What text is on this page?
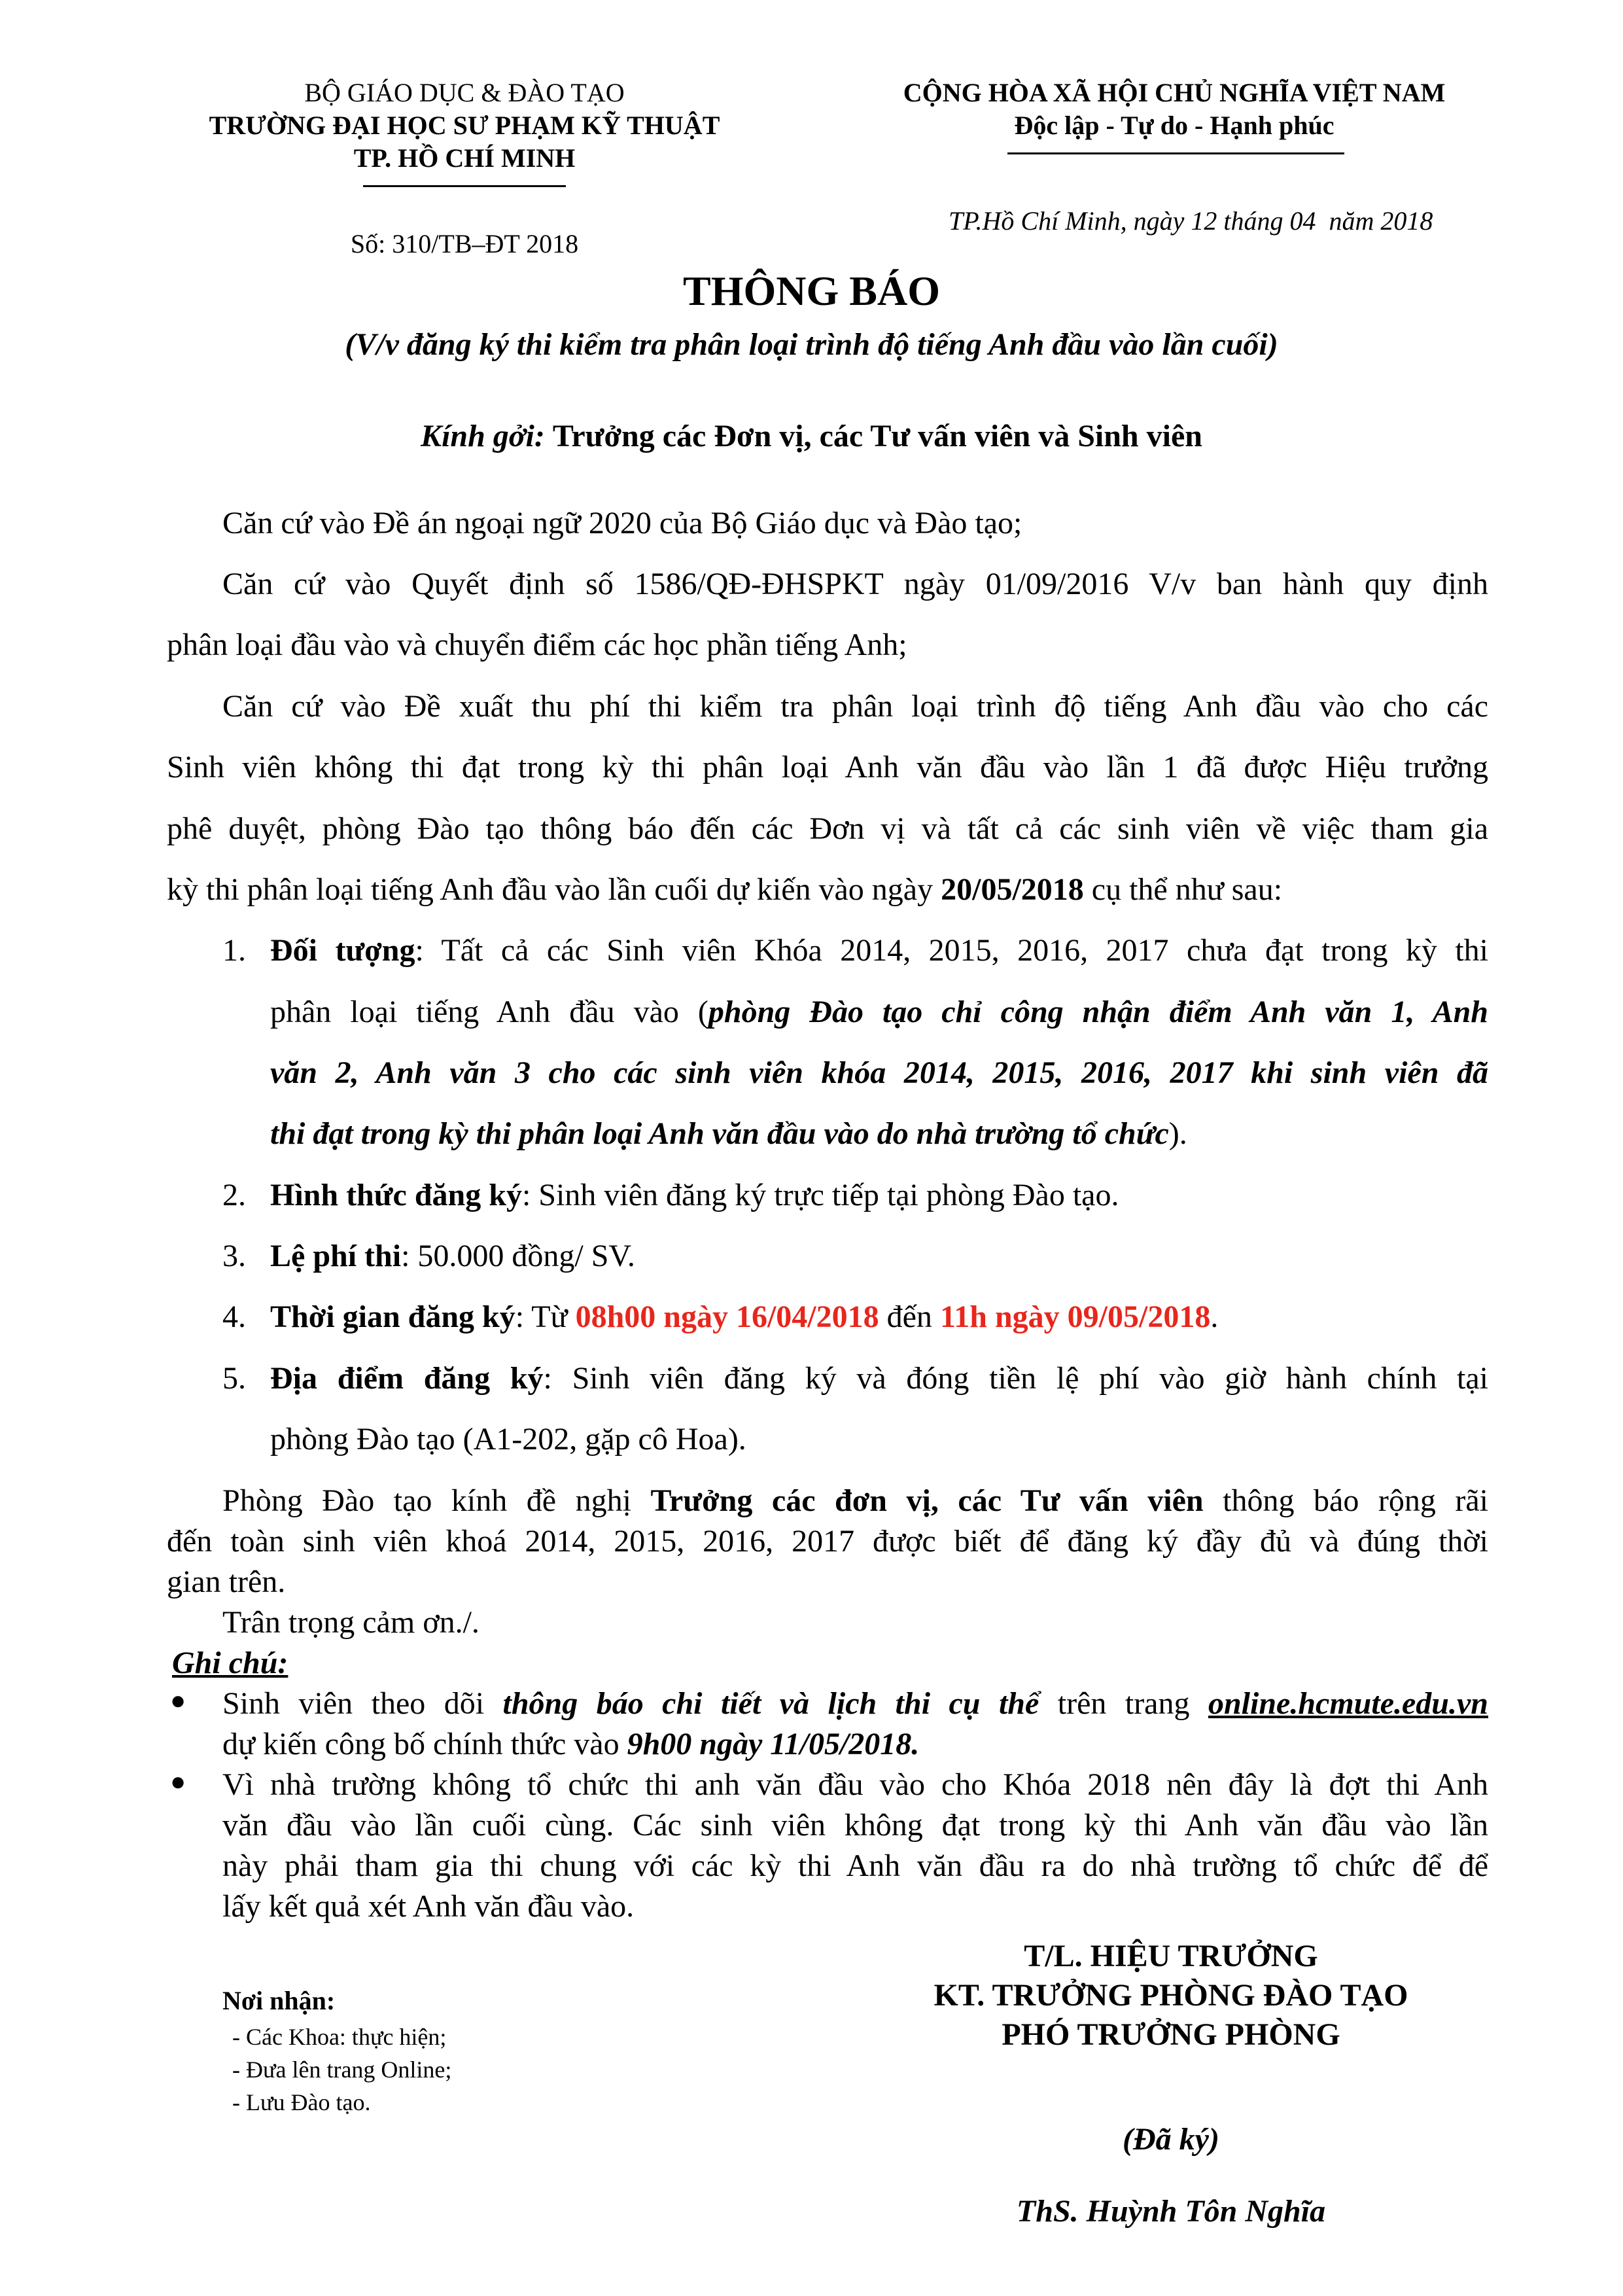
BỘ GIÁO DỤC & ĐÀO TẠO
TRƯỜNG ĐẠI HỌC SƯ PHẠM KỸ THUẬT
TP. HỒ CHÍ MINH
Số: 310/TB–ĐT 2018
CỘNG HÒA XÃ HỘI CHỦ NGHĨA VIỆT NAM
Độc lập - Tự do - Hạnh phúc
TP.Hồ Chí Minh, ngày 12 tháng 04  năm 2018
THÔNG BÁO
(V/v đăng ký thi kiểm tra phân loại trình độ tiếng Anh đầu vào lần cuối)
Kính gởi: Trưởng các Đơn vị, các Tư vấn viên và Sinh viên
Căn cứ vào Đề án ngoại ngữ 2020 của Bộ Giáo dục và Đào tạo;
Căn cứ vào Quyết định số 1586/QĐ-ĐHSPKT ngày 01/09/2016 V/v ban hành quy định
phân loại đầu vào và chuyển điểm các học phần tiếng Anh;
Căn cứ vào Đề xuất thu phí thi kiểm tra phân loại trình độ tiếng Anh đầu vào cho các
Sinh viên không thi đạt trong kỳ thi phân loại Anh văn đầu vào lần 1 đã được Hiệu trưởng
phê duyệt, phòng Đào tạo thông báo đến các Đơn vị và tất cả các sinh viên về việc tham gia
kỳ thi phân loại tiếng Anh đầu vào lần cuối dự kiến vào ngày 20/05/2018 cụ thể như sau:
1. Đối tượng: Tất cả các Sinh viên Khóa 2014, 2015, 2016, 2017 chưa đạt trong kỳ thi
phân loại tiếng Anh đầu vào (phòng Đào tạo chỉ công nhận điểm Anh văn 1, Anh
văn 2, Anh văn 3 cho các sinh viên khóa 2014, 2015, 2016, 2017 khi sinh viên đã
thi đạt trong kỳ thi phân loại Anh văn đầu vào do nhà trường tổ chức).
2. Hình thức đăng ký: Sinh viên đăng ký trực tiếp tại phòng Đào tạo.
3. Lệ phí thi: 50.000 đồng/ SV.
4. Thời gian đăng ký: Từ 08h00 ngày 16/04/2018 đến 11h ngày 09/05/2018.
5. Địa điểm đăng ký: Sinh viên đăng ký và đóng tiền lệ phí vào giờ hành chính tại
phòng Đào tạo (A1-202, gặp cô Hoa).
Phòng Đào tạo kính đề nghị Trưởng các đơn vị, các Tư vấn viên thông báo rộng rãi
đến toàn sinh viên khoá 2014, 2015, 2016, 2017 được biết để đăng ký đầy đủ và đúng thời
gian trên.
Trân trọng cảm ơn./.
Ghi chú:
● Sinh viên theo dõi thông báo chi tiết và lịch thi cụ thể trên trang online.hcmute.edu.vn
dự kiến công bố chính thức vào 9h00 ngày 11/05/2018.
● Vì nhà trường không tổ chức thi anh văn đầu vào cho Khóa 2018 nên đây là đợt thi Anh
văn đầu vào lần cuối cùng. Các sinh viên không đạt trong kỳ thi Anh văn đầu vào lần
này phải tham gia thi chung với các kỳ thi Anh văn đầu ra do nhà trường tổ chức để để
lấy kết quả xét Anh văn đầu vào.
Nơi nhận:
- Các Khoa: thực hiện;
- Đưa lên trang Online;
- Lưu Đào tạo.
T/L. HIỆU TRƯỞNG
KT. TRƯỞNG PHÒNG ĐÀO TẠO
PHÓ TRƯỞNG PHÒNG
(Đã ký)
ThS. Huỳnh Tôn Nghĩa
